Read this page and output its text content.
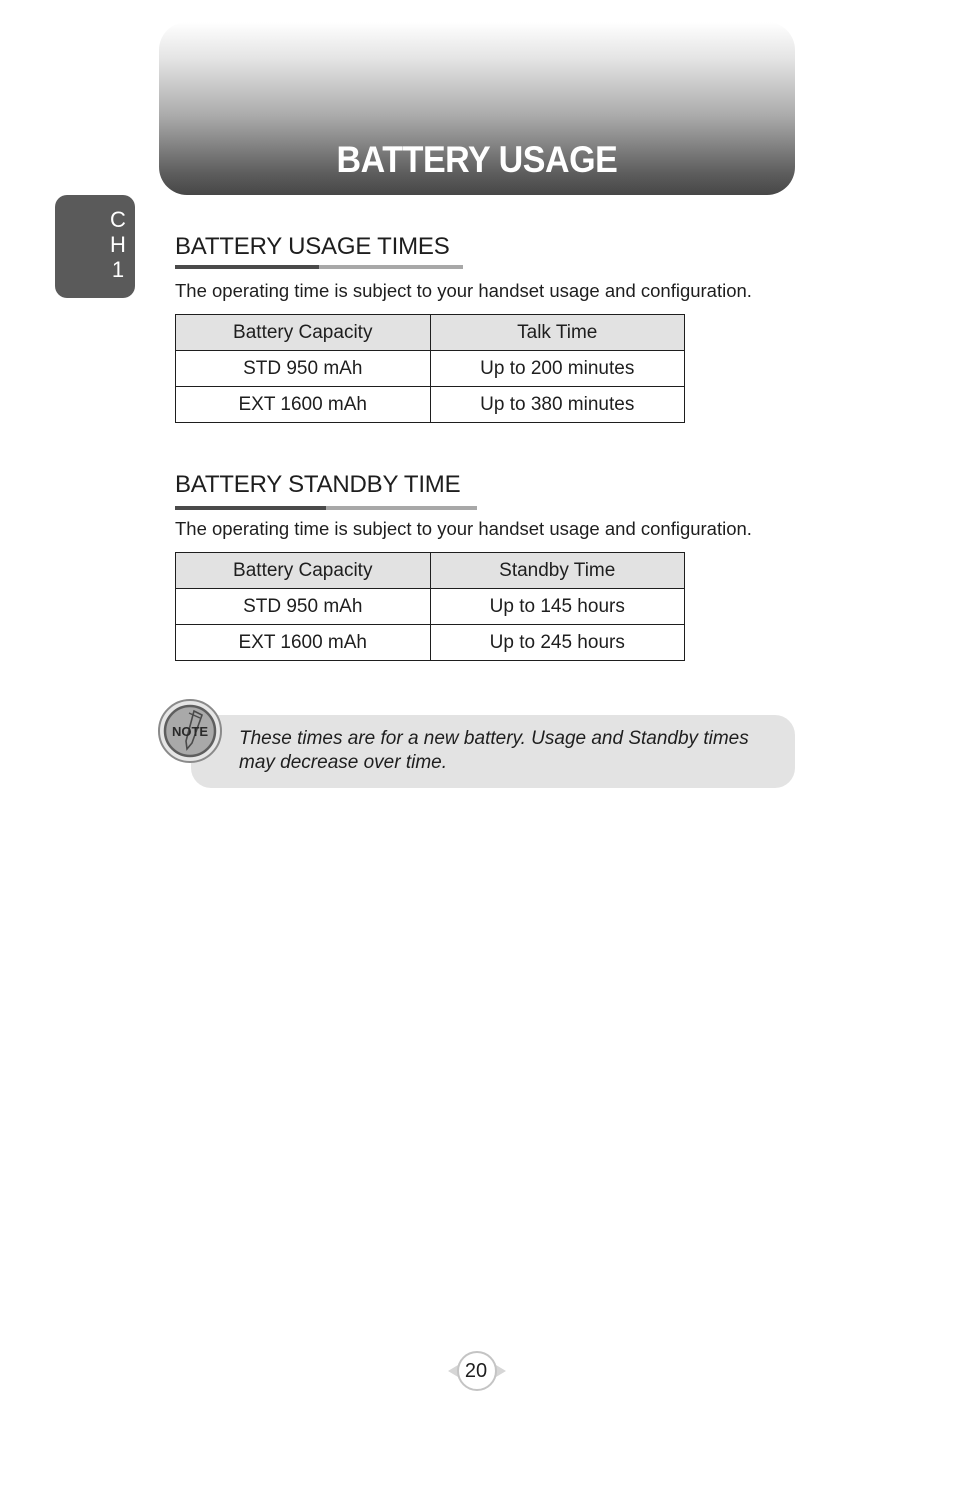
BATTERY USAGE
C
H
1
BATTERY USAGE TIMES
The operating time is subject to your handset usage and configuration.
Battery Capacity	Talk Time
STD 950 mAh	Up to 200 minutes
EXT 1600 mAh	Up to 380 minutes
BATTERY STANDBY TIME
The operating time is subject to your handset usage and configuration.
Battery Capacity	Standby Time
STD 950 mAh	Up to 145 hours
EXT 1600 mAh	Up to 245 hours
NOTE These times are for a new battery. Usage and Standby times
may decrease over time.
20
